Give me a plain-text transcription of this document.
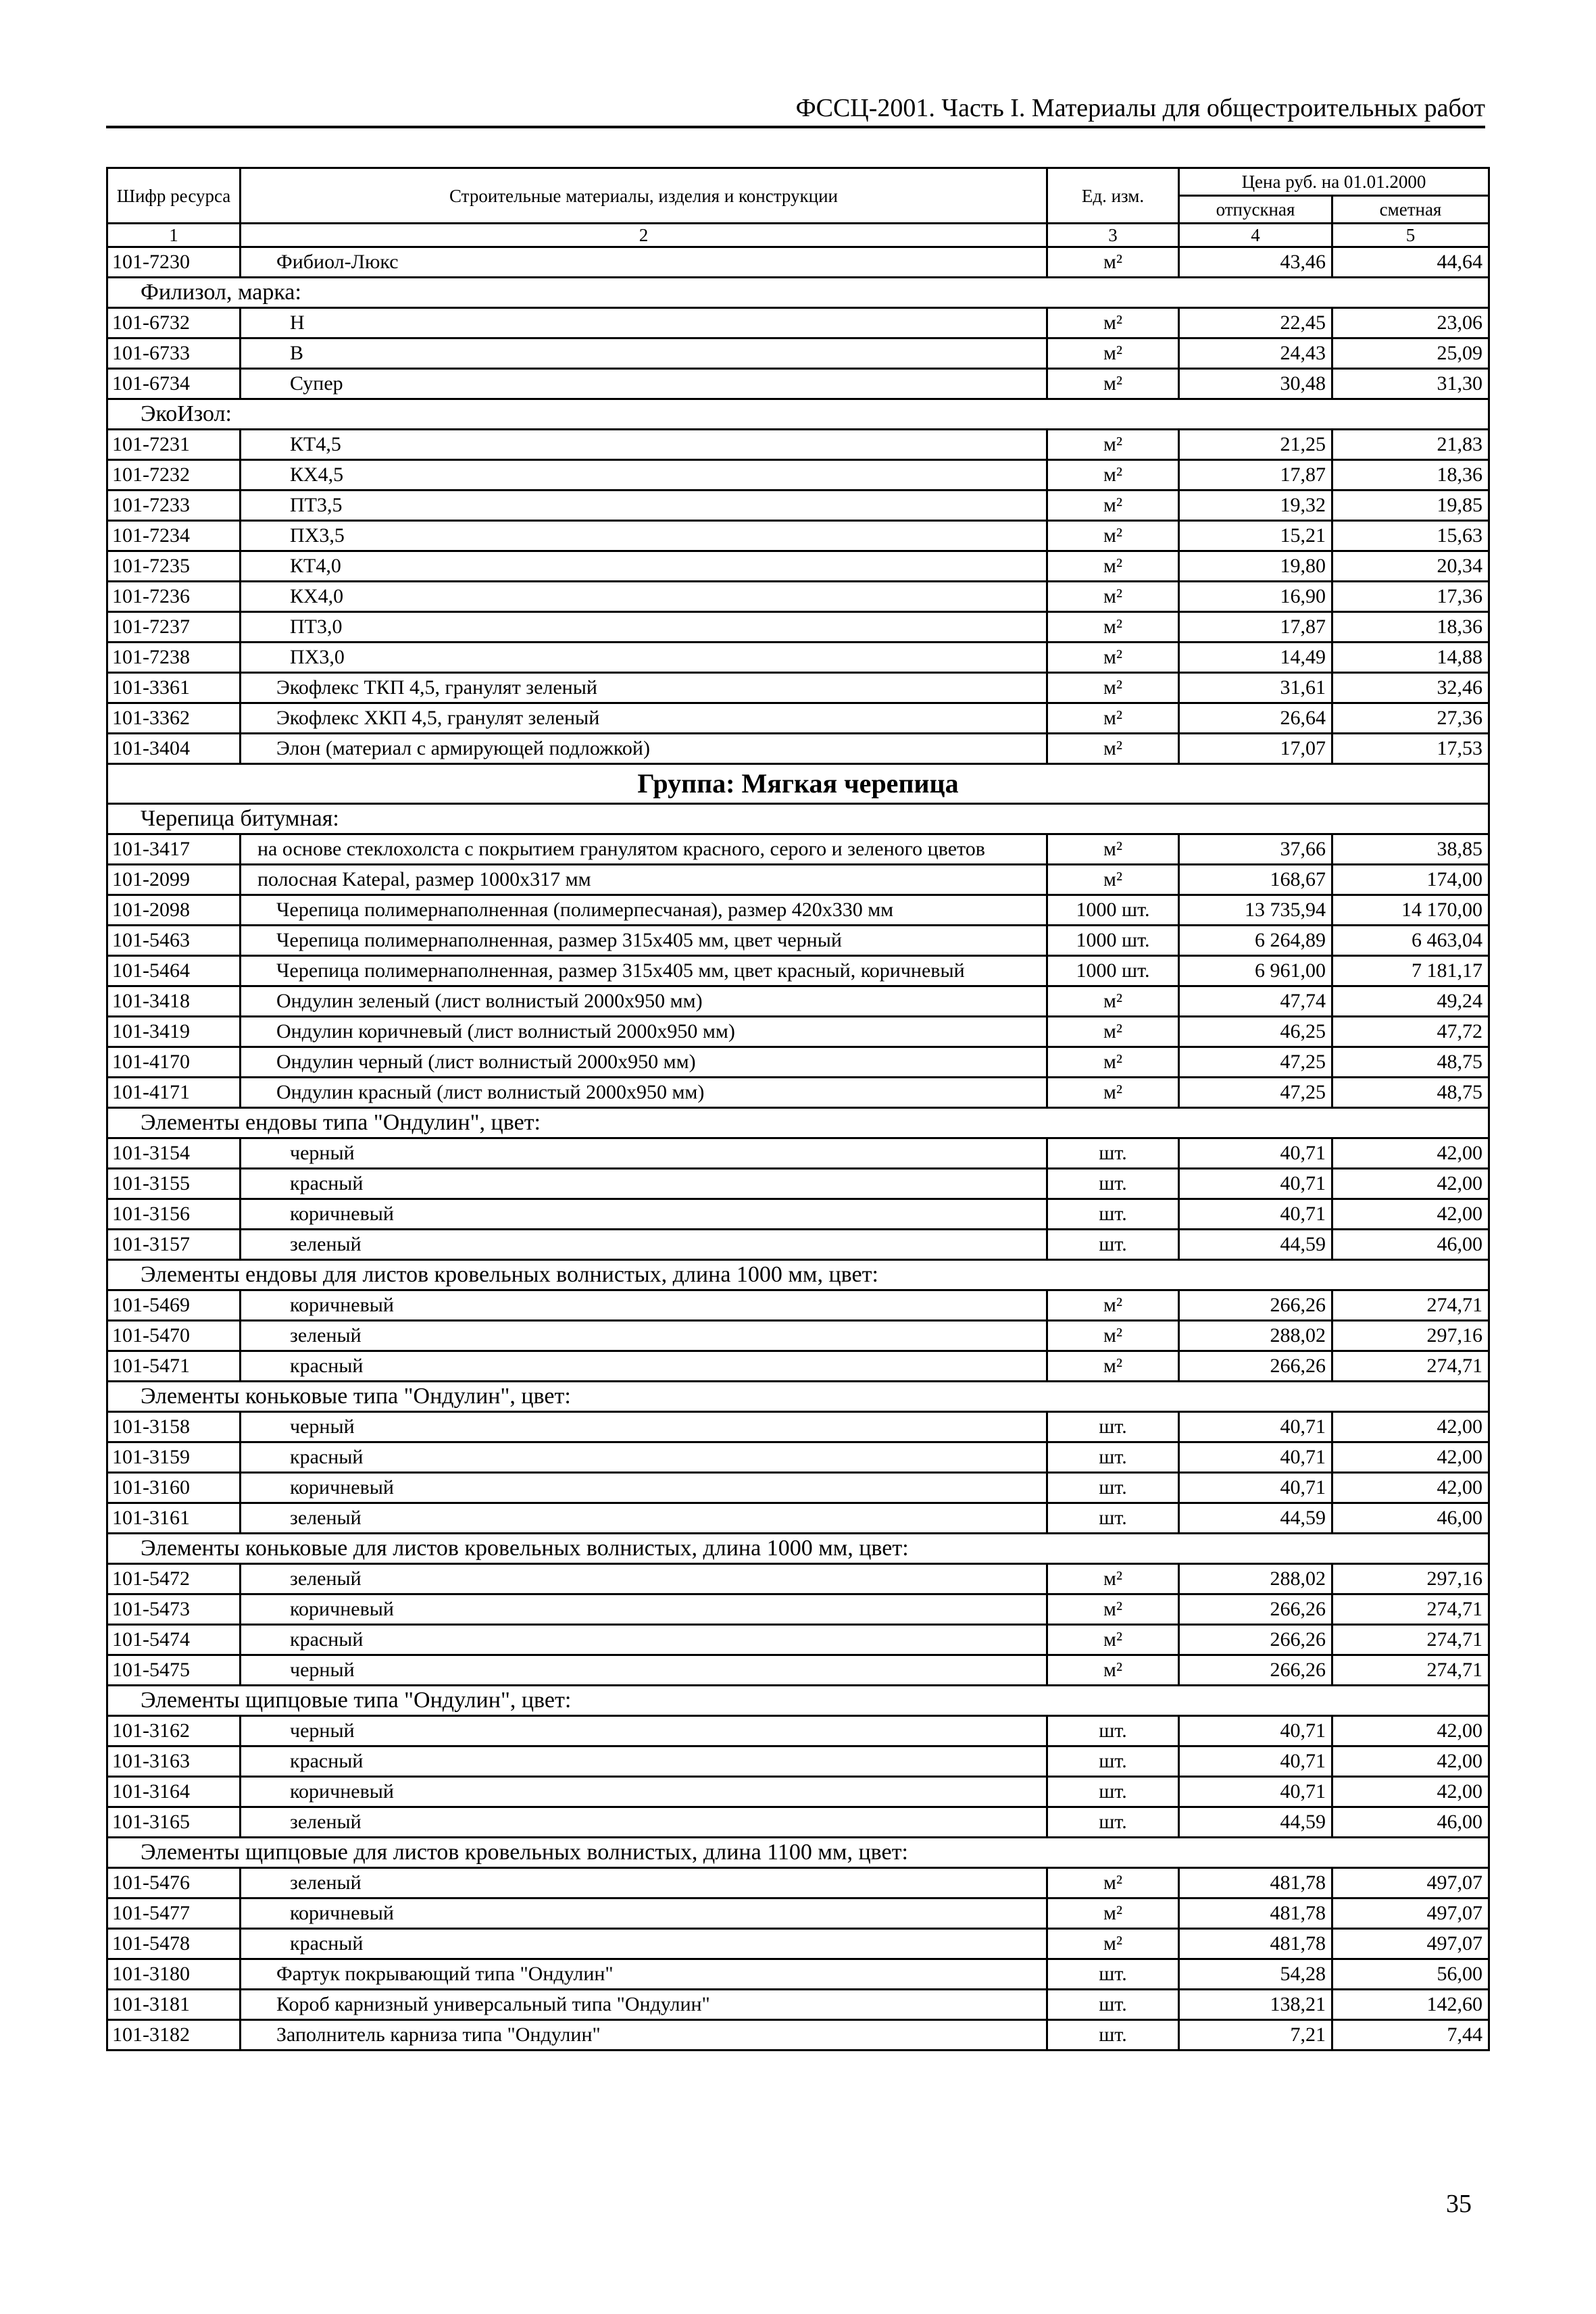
ФССЦ-2001. Часть I. Материалы для общестроительных работ
Шифр ресурса	Строительные материалы, изделия и конструкции	Ед. изм.	Цена руб. на 01.01.2000	
			отпускная	сметная
1	2	3	4	5
101-7230	Фибиол-Люкс	м²	43,46	44,64
Филизол, марка:				
101-6732	Н	м²	22,45	23,06
101-6733	В	м²	24,43	25,09
101-6734	Супер	м²	30,48	31,30
ЭкоИзол:				
101-7231	КТ4,5	м²	21,25	21,83
101-7232	КХ4,5	м²	17,87	18,36
101-7233	ПТ3,5	м²	19,32	19,85
101-7234	ПХ3,5	м²	15,21	15,63
101-7235	КТ4,0	м²	19,80	20,34
101-7236	КХ4,0	м²	16,90	17,36
101-7237	ПТ3,0	м²	17,87	18,36
101-7238	ПХ3,0	м²	14,49	14,88
101-3361	Экофлекс ТКП 4,5, гранулят зеленый	м²	31,61	32,46
101-3362	Экофлекс ХКП 4,5, гранулят зеленый	м²	26,64	27,36
101-3404	Элон (материал с армирующей подложкой)	м²	17,07	17,53
Группа: Мягкая черепица				
Черепица битумная:				
101-3417	на основе стеклохолста с покрытием гранулятом красного, серого и зеленого цветов	м²	37,66	38,85
101-2099	полосная Katepal, размер 1000x317 мм	м²	168,67	174,00
101-2098	Черепица полимернаполненная (полимерпесчаная), размер 420x330 мм	1000 шт.	13 735,94	14 170,00
101-5463	Черепица полимернаполненная, размер 315x405 мм, цвет черный	1000 шт.	6 264,89	6 463,04
101-5464	Черепица полимернаполненная, размер 315x405 мм, цвет красный, коричневый	1000 шт.	6 961,00	7 181,17
101-3418	Ондулин зеленый (лист волнистый 2000x950 мм)	м²	47,74	49,24
101-3419	Ондулин коричневый (лист волнистый 2000x950 мм)	м²	46,25	47,72
101-4170	Ондулин черный (лист волнистый 2000x950 мм)	м²	47,25	48,75
101-4171	Ондулин красный (лист волнистый 2000x950 мм)	м²	47,25	48,75
Элементы ендовы типа "Ондулин", цвет:				
101-3154	черный	шт.	40,71	42,00
101-3155	красный	шт.	40,71	42,00
101-3156	коричневый	шт.	40,71	42,00
101-3157	зеленый	шт.	44,59	46,00
Элементы ендовы для листов кровельных волнистых, длина 1000 мм, цвет:				
101-5469	коричневый	м²	266,26	274,71
101-5470	зеленый	м²	288,02	297,16
101-5471	красный	м²	266,26	274,71
Элементы коньковые типа "Ондулин", цвет:				
101-3158	черный	шт.	40,71	42,00
101-3159	красный	шт.	40,71	42,00
101-3160	коричневый	шт.	40,71	42,00
101-3161	зеленый	шт.	44,59	46,00
Элементы коньковые для листов кровельных волнистых, длина 1000 мм, цвет:				
101-5472	зеленый	м²	288,02	297,16
101-5473	коричневый	м²	266,26	274,71
101-5474	красный	м²	266,26	274,71
101-5475	черный	м²	266,26	274,71
Элементы щипцовые типа "Ондулин", цвет:				
101-3162	черный	шт.	40,71	42,00
101-3163	красный	шт.	40,71	42,00
101-3164	коричневый	шт.	40,71	42,00
101-3165	зеленый	шт.	44,59	46,00
Элементы щипцовые для листов кровельных волнистых, длина 1100 мм, цвет:				
101-5476	зеленый	м²	481,78	497,07
101-5477	коричневый	м²	481,78	497,07
101-5478	красный	м²	481,78	497,07
101-3180	Фартук покрывающий типа "Ондулин"	шт.	54,28	56,00
101-3181	Короб карнизный универсальный типа "Ондулин"	шт.	138,21	142,60
101-3182	Заполнитель карниза типа "Ондулин"	шт.	7,21	7,44
35
